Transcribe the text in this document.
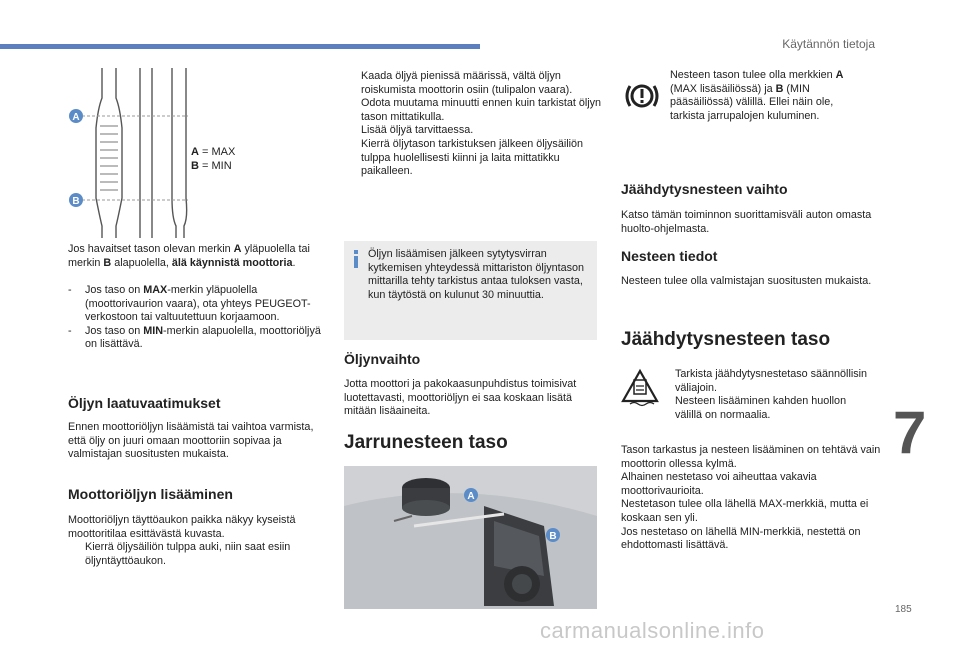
Käytännön tietoja
7
185
carmanualsonline.info
A
B
A = MAX
B = MIN
Jos havaitset tason olevan merkin A yläpuolella tai merkin B alapuolella, älä käynnistä moottoria.
- Jos taso on MAX-merkin yläpuolella (moottorivaurion vaara), ota yhteys PEUGEOT-verkostoon tai valtuutettuun korjaamoon.
- Jos taso on MIN-merkin alapuolella, moottoriöljyä on lisättävä.
Öljyn laatuvaatimukset
Ennen moottoriöljyn lisäämistä tai vaihtoa varmista, että öljy on juuri omaan moottoriin sopivaa ja valmistajan suositusten mukaista.
Moottoriöljyn lisääminen
Moottoriöljyn täyttöaukon paikka näkyy kyseistä moottoritilaa esittävästä kuvasta.
Kierrä öljysäiliön tulppa auki, niin saat esiin öljyntäyttöaukon.
Kaada öljyä pienissä määrissä, vältä öljyn roiskumista moottorin osiin (tulipalon vaara).
Odota muutama minuutti ennen kuin tarkistat öljyn tason mittatikulla.
Lisää öljyä tarvittaessa.
Kierrä öljytason tarkistuksen jälkeen öljysäiliön tulppa huolellisesti kiinni ja laita mittatikku paikalleen.
Öljyn lisäämisen jälkeen sytytysvirran kytkemisen yhteydessä mittariston öljyntason mittarilla tehty tarkistus antaa tuloksen vasta, kun täytöstä on kulunut 30 minuuttia.
Öljynvaihto
Jotta moottori ja pakokaasunpuhdistus toimisivat luotettavasti, moottoriöljyn ei saa koskaan lisätä mitään lisäaineita.
Jarrunesteen taso
A
B
Nesteen tason tulee olla merkkien A (MAX lisäsäiliössä) ja B (MIN pääsäiliössä) välillä. Ellei näin ole, tarkista jarrupalojen kuluminen.
Jäähdytysnesteen vaihto
Katso tämän toiminnon suorittamisväli auton omasta huolto-ohjelmasta.
Nesteen tiedot
Nesteen tulee olla valmistajan suositusten mukaista.
Jäähdytysnesteen taso
Tarkista jäähdytysnestetaso säännöllisin väliajoin.
Nesteen lisääminen kahden huollon välillä on normaalia.
Tason tarkastus ja nesteen lisääminen on tehtävä vain moottorin ollessa kylmä.
Alhainen nestetaso voi aiheuttaa vakavia moottorivaurioita.
Nestetason tulee olla lähellä MAX-merkkiä, mutta ei koskaan sen yli.
Jos nestetaso on lähellä MIN-merkkiä, nestettä on ehdottomasti lisättävä.
